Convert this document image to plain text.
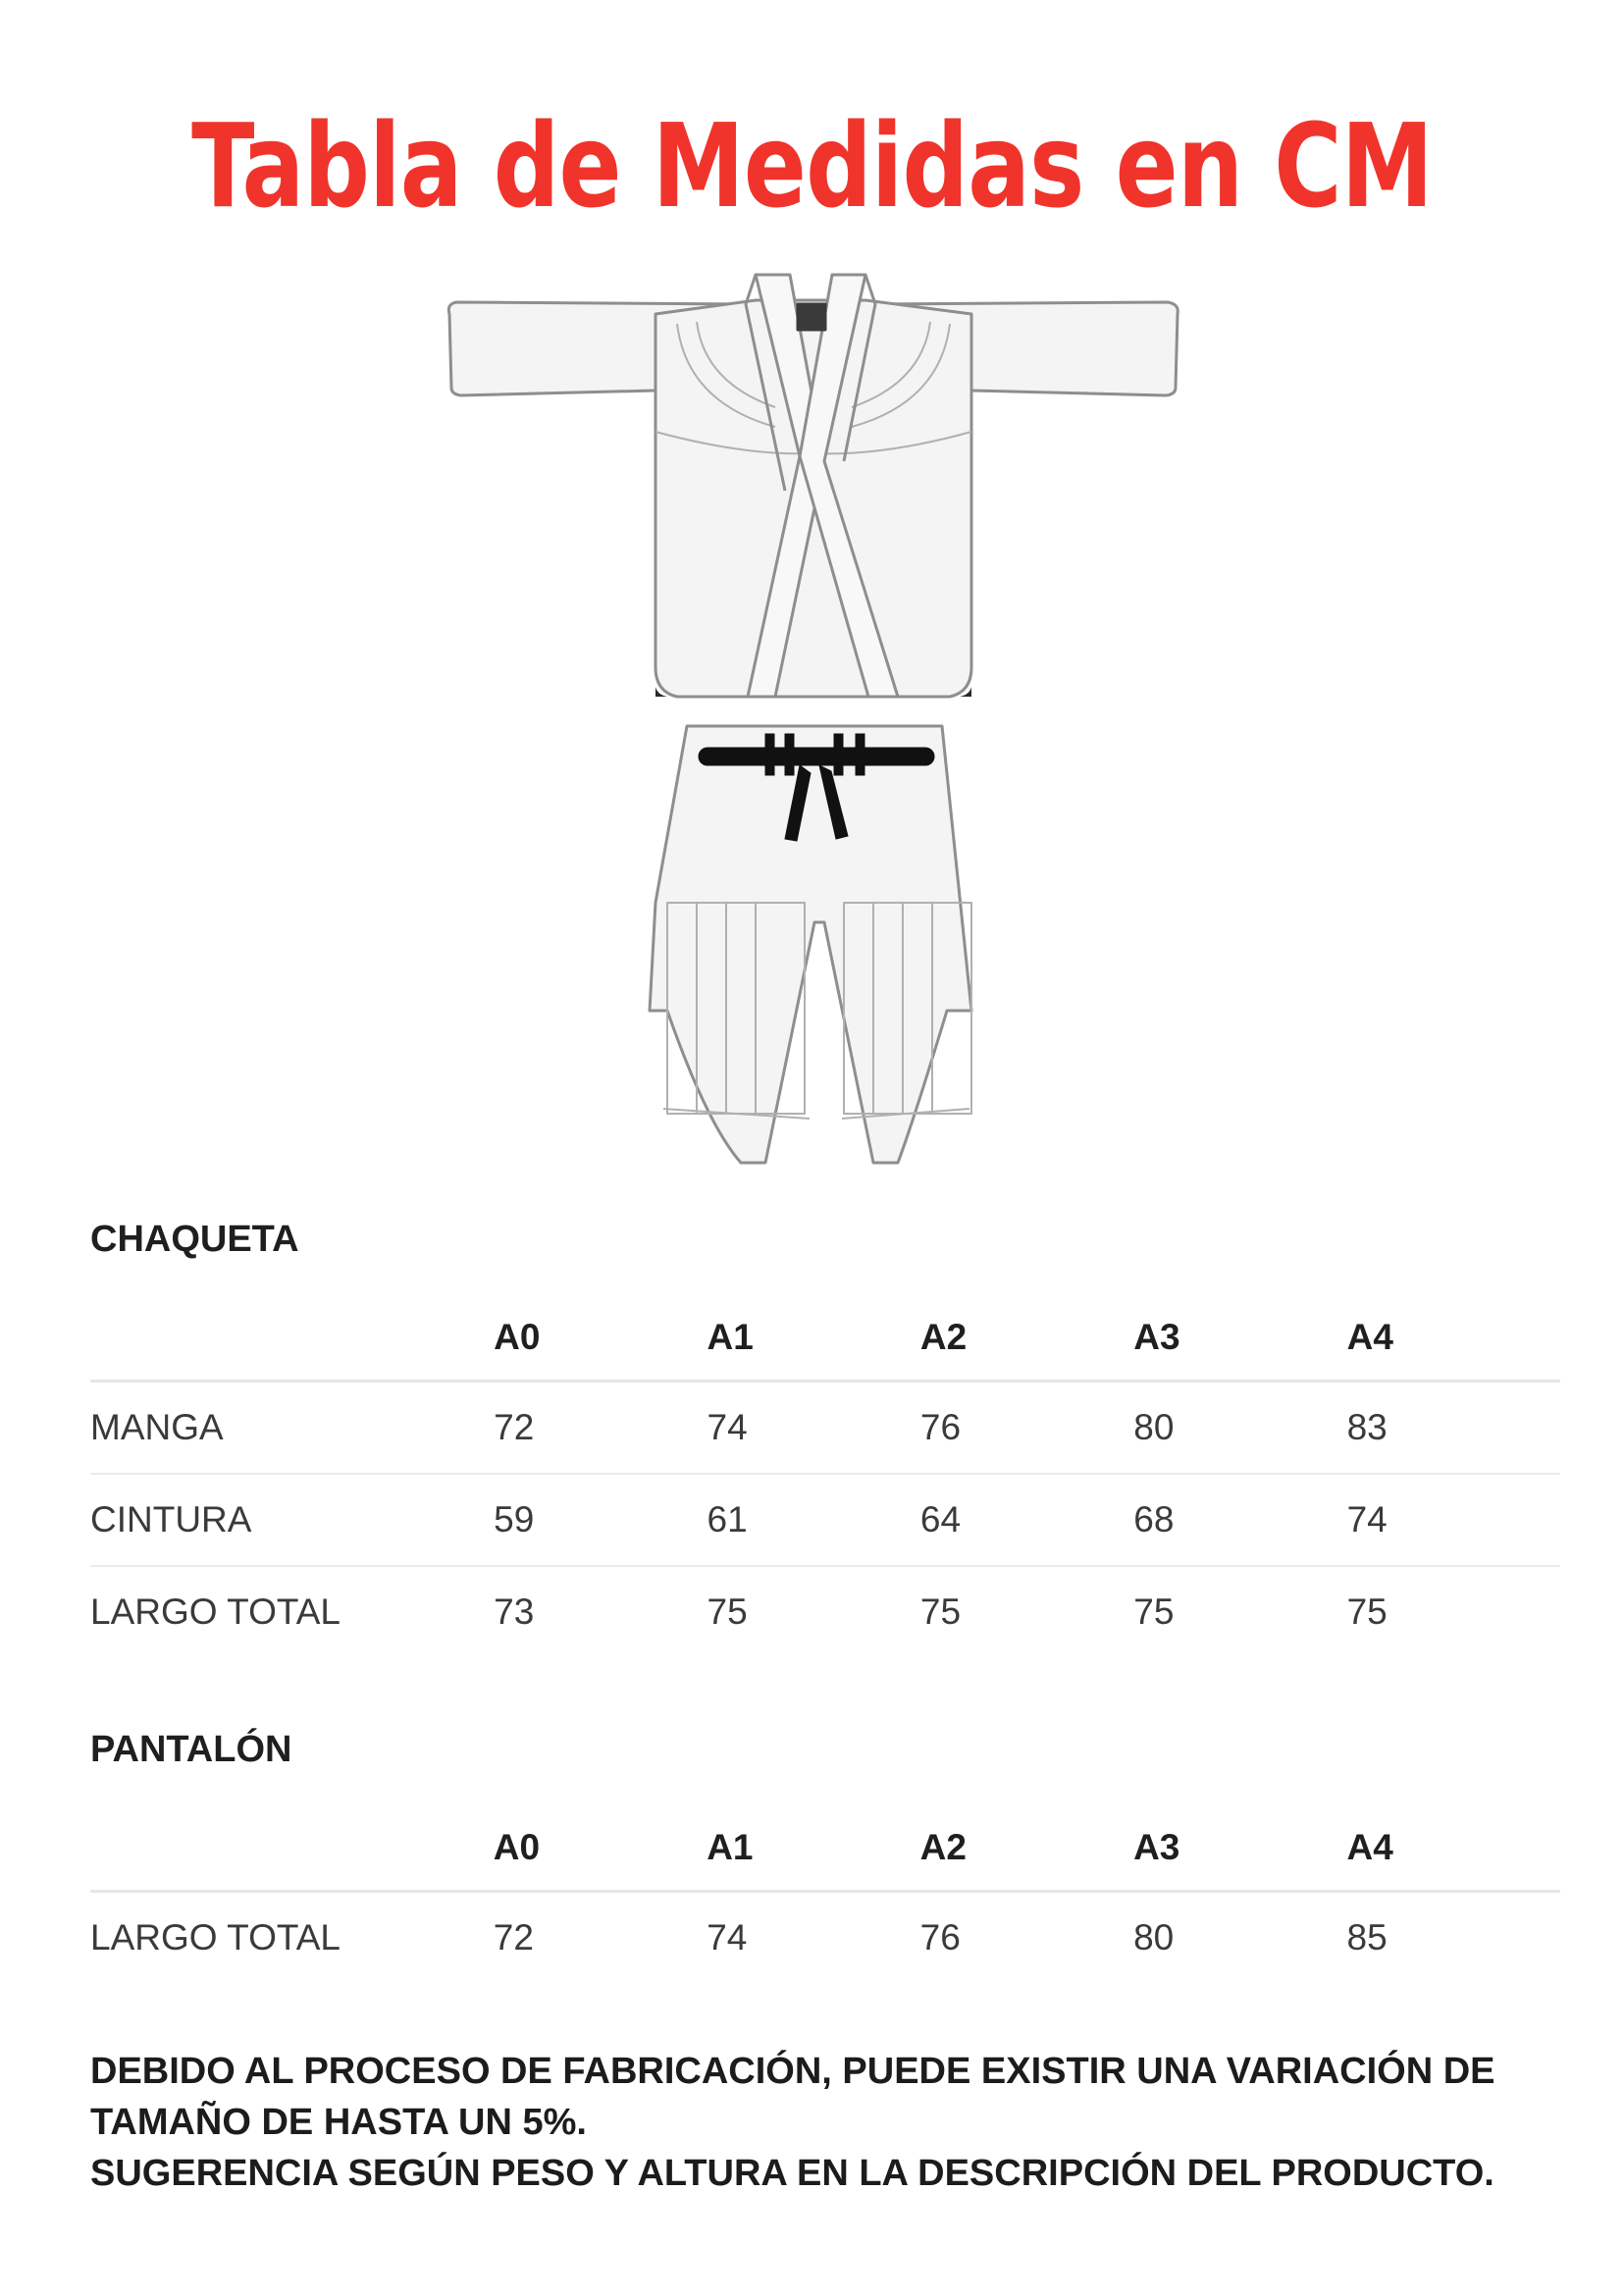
Tabla de Medidas en CM
CHAQUETA
	A0	A1	A2	A3	A4
MANGA	72	74	76	80	83
CINTURA	59	61	64	68	74
LARGO TOTAL	73	75	75	75	75
PANTALÓN
	A0	A1	A2	A3	A4
LARGO TOTAL	72	74	76	80	85
DEBIDO AL PROCESO DE FABRICACIÓN, PUEDE EXISTIR UNA VARIACIÓN DE
TAMAÑO DE HASTA UN 5%.
SUGERENCIA SEGÚN PESO Y ALTURA EN LA DESCRIPCIÓN DEL PRODUCTO.
